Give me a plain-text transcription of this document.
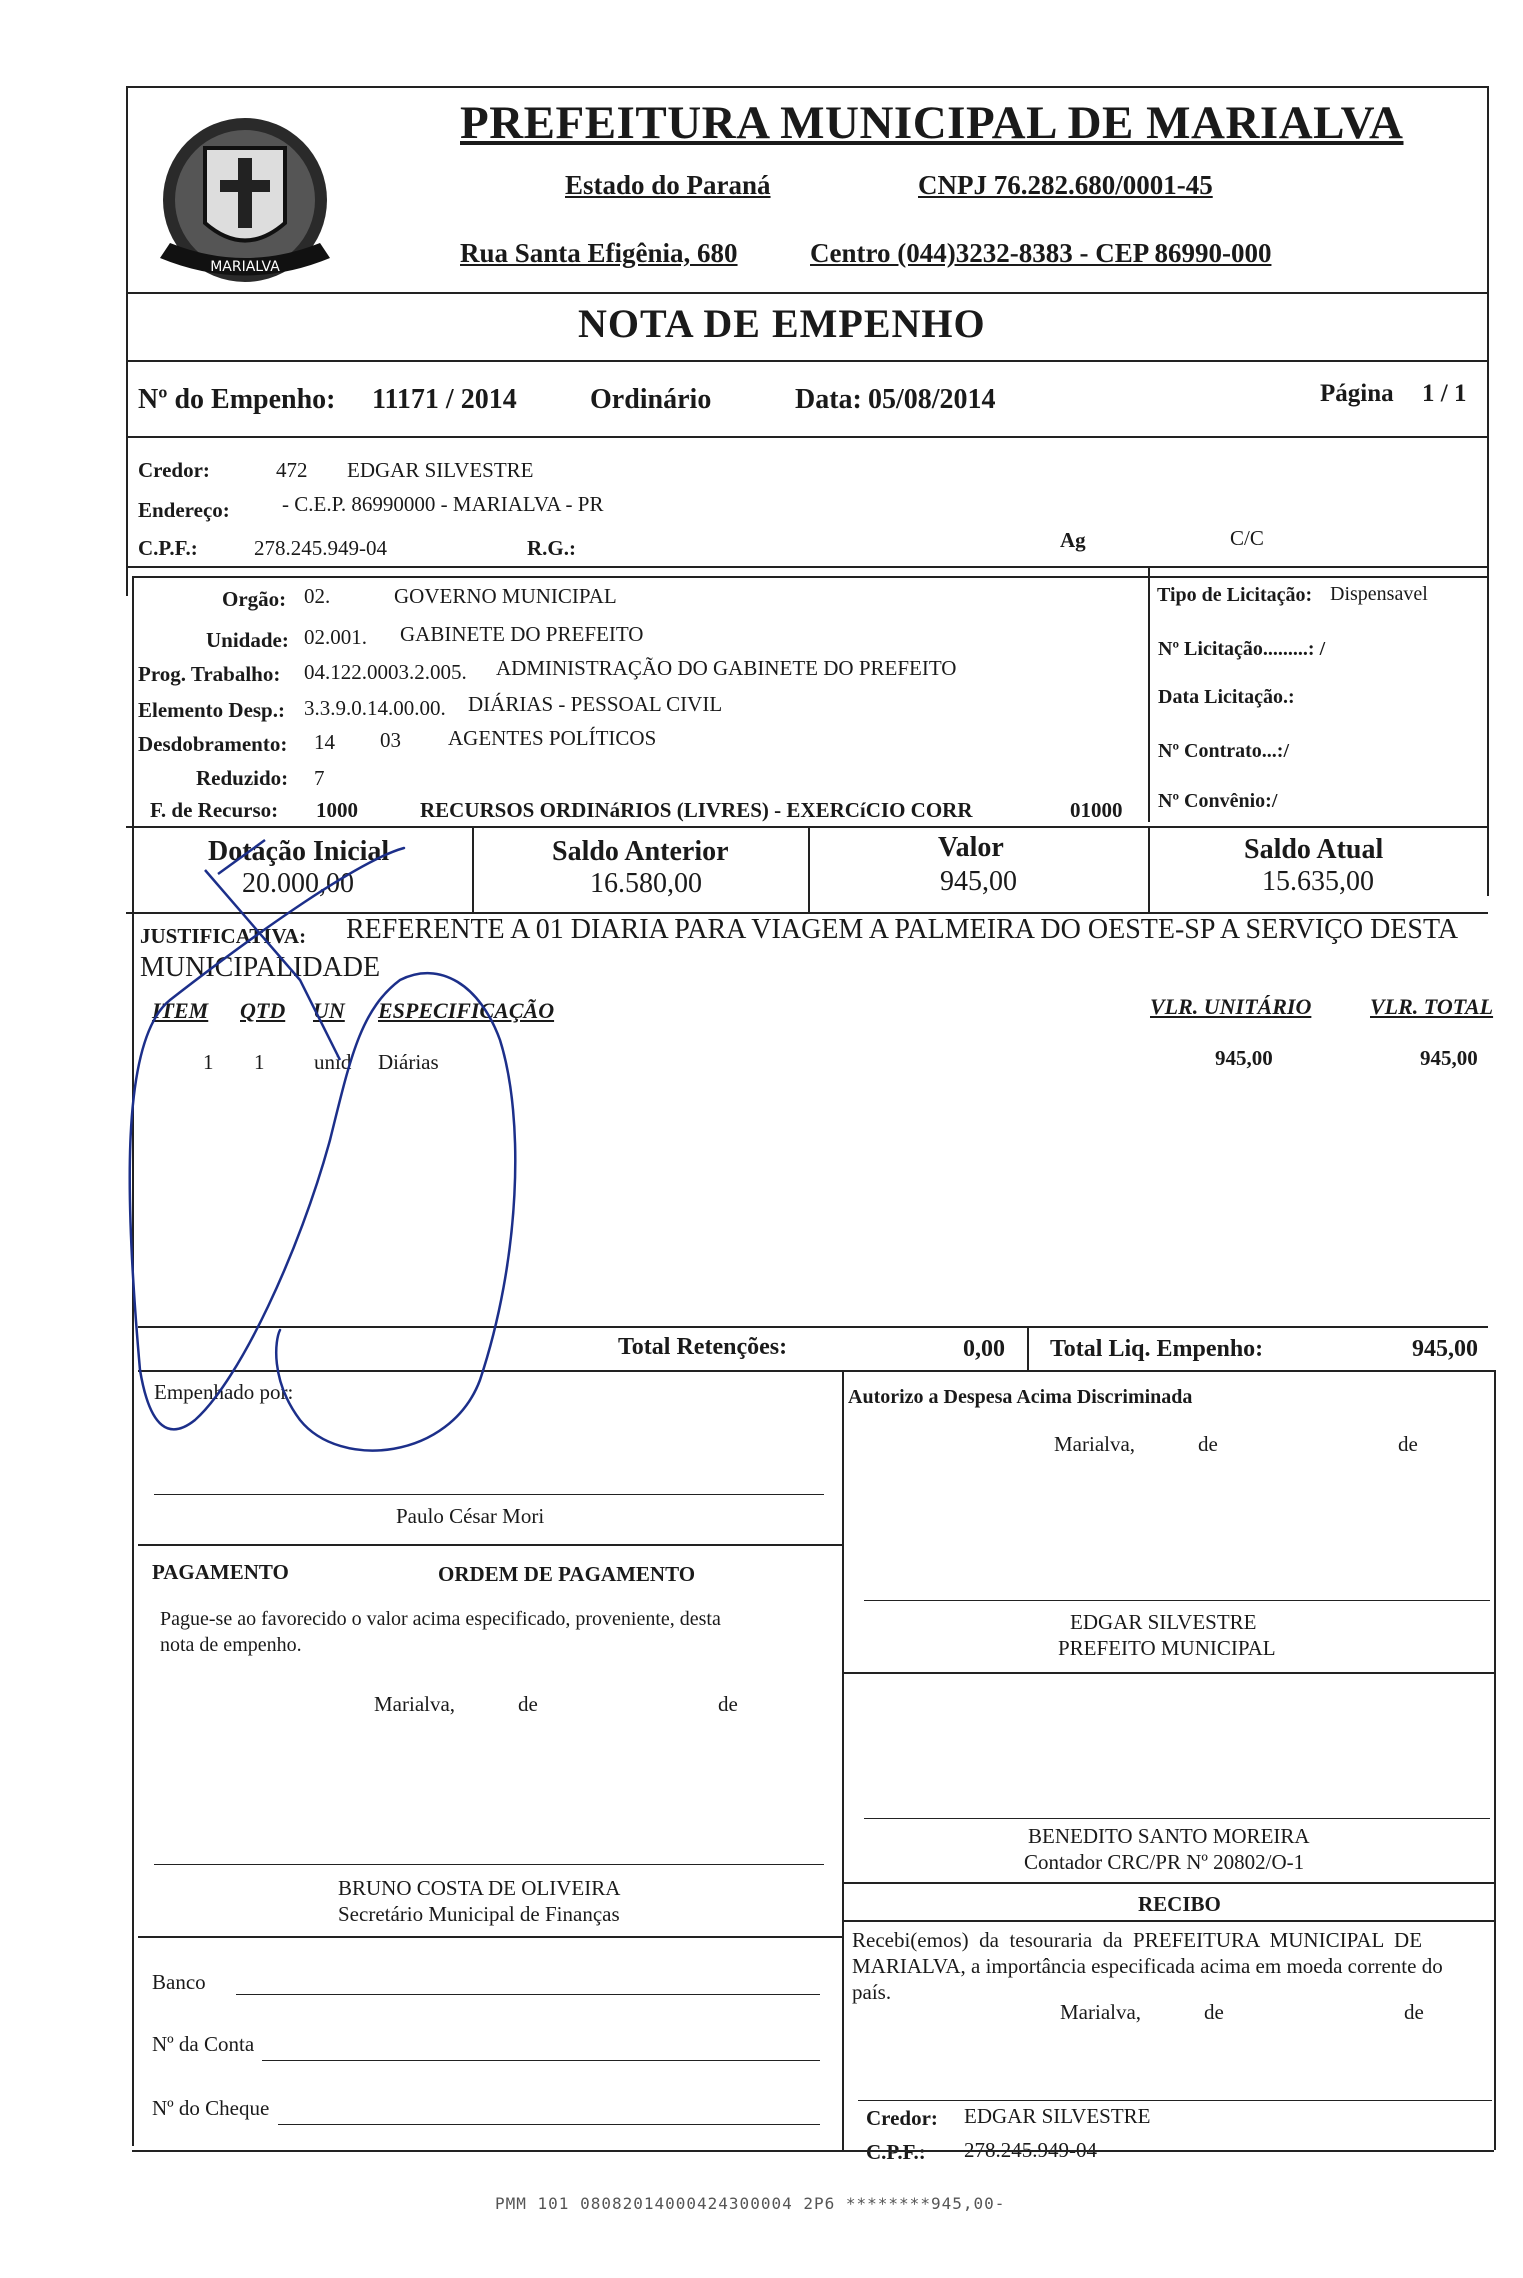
MARIALVA
PREFEITURA MUNICIPAL DE MARIALVA
Estado do Paraná	CNPJ 76.282.680/0001-45
Rua Santa Efigênia, 680	Centro (044)3232-8383 - CEP 86990-000
NOTA DE EMPENHO
Nº do Empenho: 11171 / 2014	Ordinário	Data: 05/08/2014	Página 1 / 1
Credor:	472 EDGAR SILVESTRE
Endereço: - C.E.P. 86990000 - MARIALVA - PR
C.P.F.:	278.245.949-04	R.G.:	Ag	C/C
Orgão: 02.	GOVERNO MUNICIPAL
Unidade: 02.001. GABINETE DO PREFEITO
Prog. Trabalho: 04.122.0003.2.005. ADMINISTRAÇÃO DO GABINETE DO PREFEITO
Elemento Desp.: 3.3.9.0.14.00.00. DIÁRIAS - PESSOAL CIVIL
Desdobramento: 14 03 AGENTES POLÍTICOS
Reduzido: 7
F. de Recurso: 1000	RECURSOS ORDINáRIOS (LIVRES) - EXERCíCIO CORR	01000
Tipo de Licitação: Dispensavel
Nº Licitação.........: /
Data Licitação.:
Nº Contrato...:/
Nº Convênio:/
Dotação Inicial
20.000,00
Saldo Anterior
16.580,00
Valor
945,00
Saldo Atual
15.635,00
JUSTIFICATIVA: REFERENTE A 01 DIARIA PARA VIAGEM A PALMEIRA DO OESTE-SP A SERVIÇO DESTA
MUNICIPALIDADE
ITEM QTD UN ESPECIFICAÇÃO	VLR. UNITÁRIO	VLR. TOTAL
1 1 unid Diárias	945,00	945,00
Total Retenções:	0,00 Total Liq. Empenho:	945,00
Empenhado por:
Paulo César Mori
Autorizo a Despesa Acima Discriminada
Marialva,	de	de
PAGAMENTO	ORDEM DE PAGAMENTO
Pague-se ao favorecido o valor acima especificado, proveniente, desta
nota de empenho.
Marialva,	de	de
EDGAR SILVESTRE
PREFEITO MUNICIPAL
BENEDITO SANTO MOREIRA
Contador CRC/PR Nº 20802/O-1
BRUNO COSTA DE OLIVEIRA
Secretário Municipal de Finanças	RECIBO
Recebi(emos)  da  tesouraria  da  PREFEITURA  MUNICIPAL  DE
MARIALVA, a importância especificada acima em moeda corrente do
país.
Marialva,	de	de
Banco
Nº da Conta
Nº do Cheque	Credor: EDGAR SILVESTRE
C.P.F.: 278.245.949-04
PMM 101 08082014000424300004 2P6 ********945,00-
